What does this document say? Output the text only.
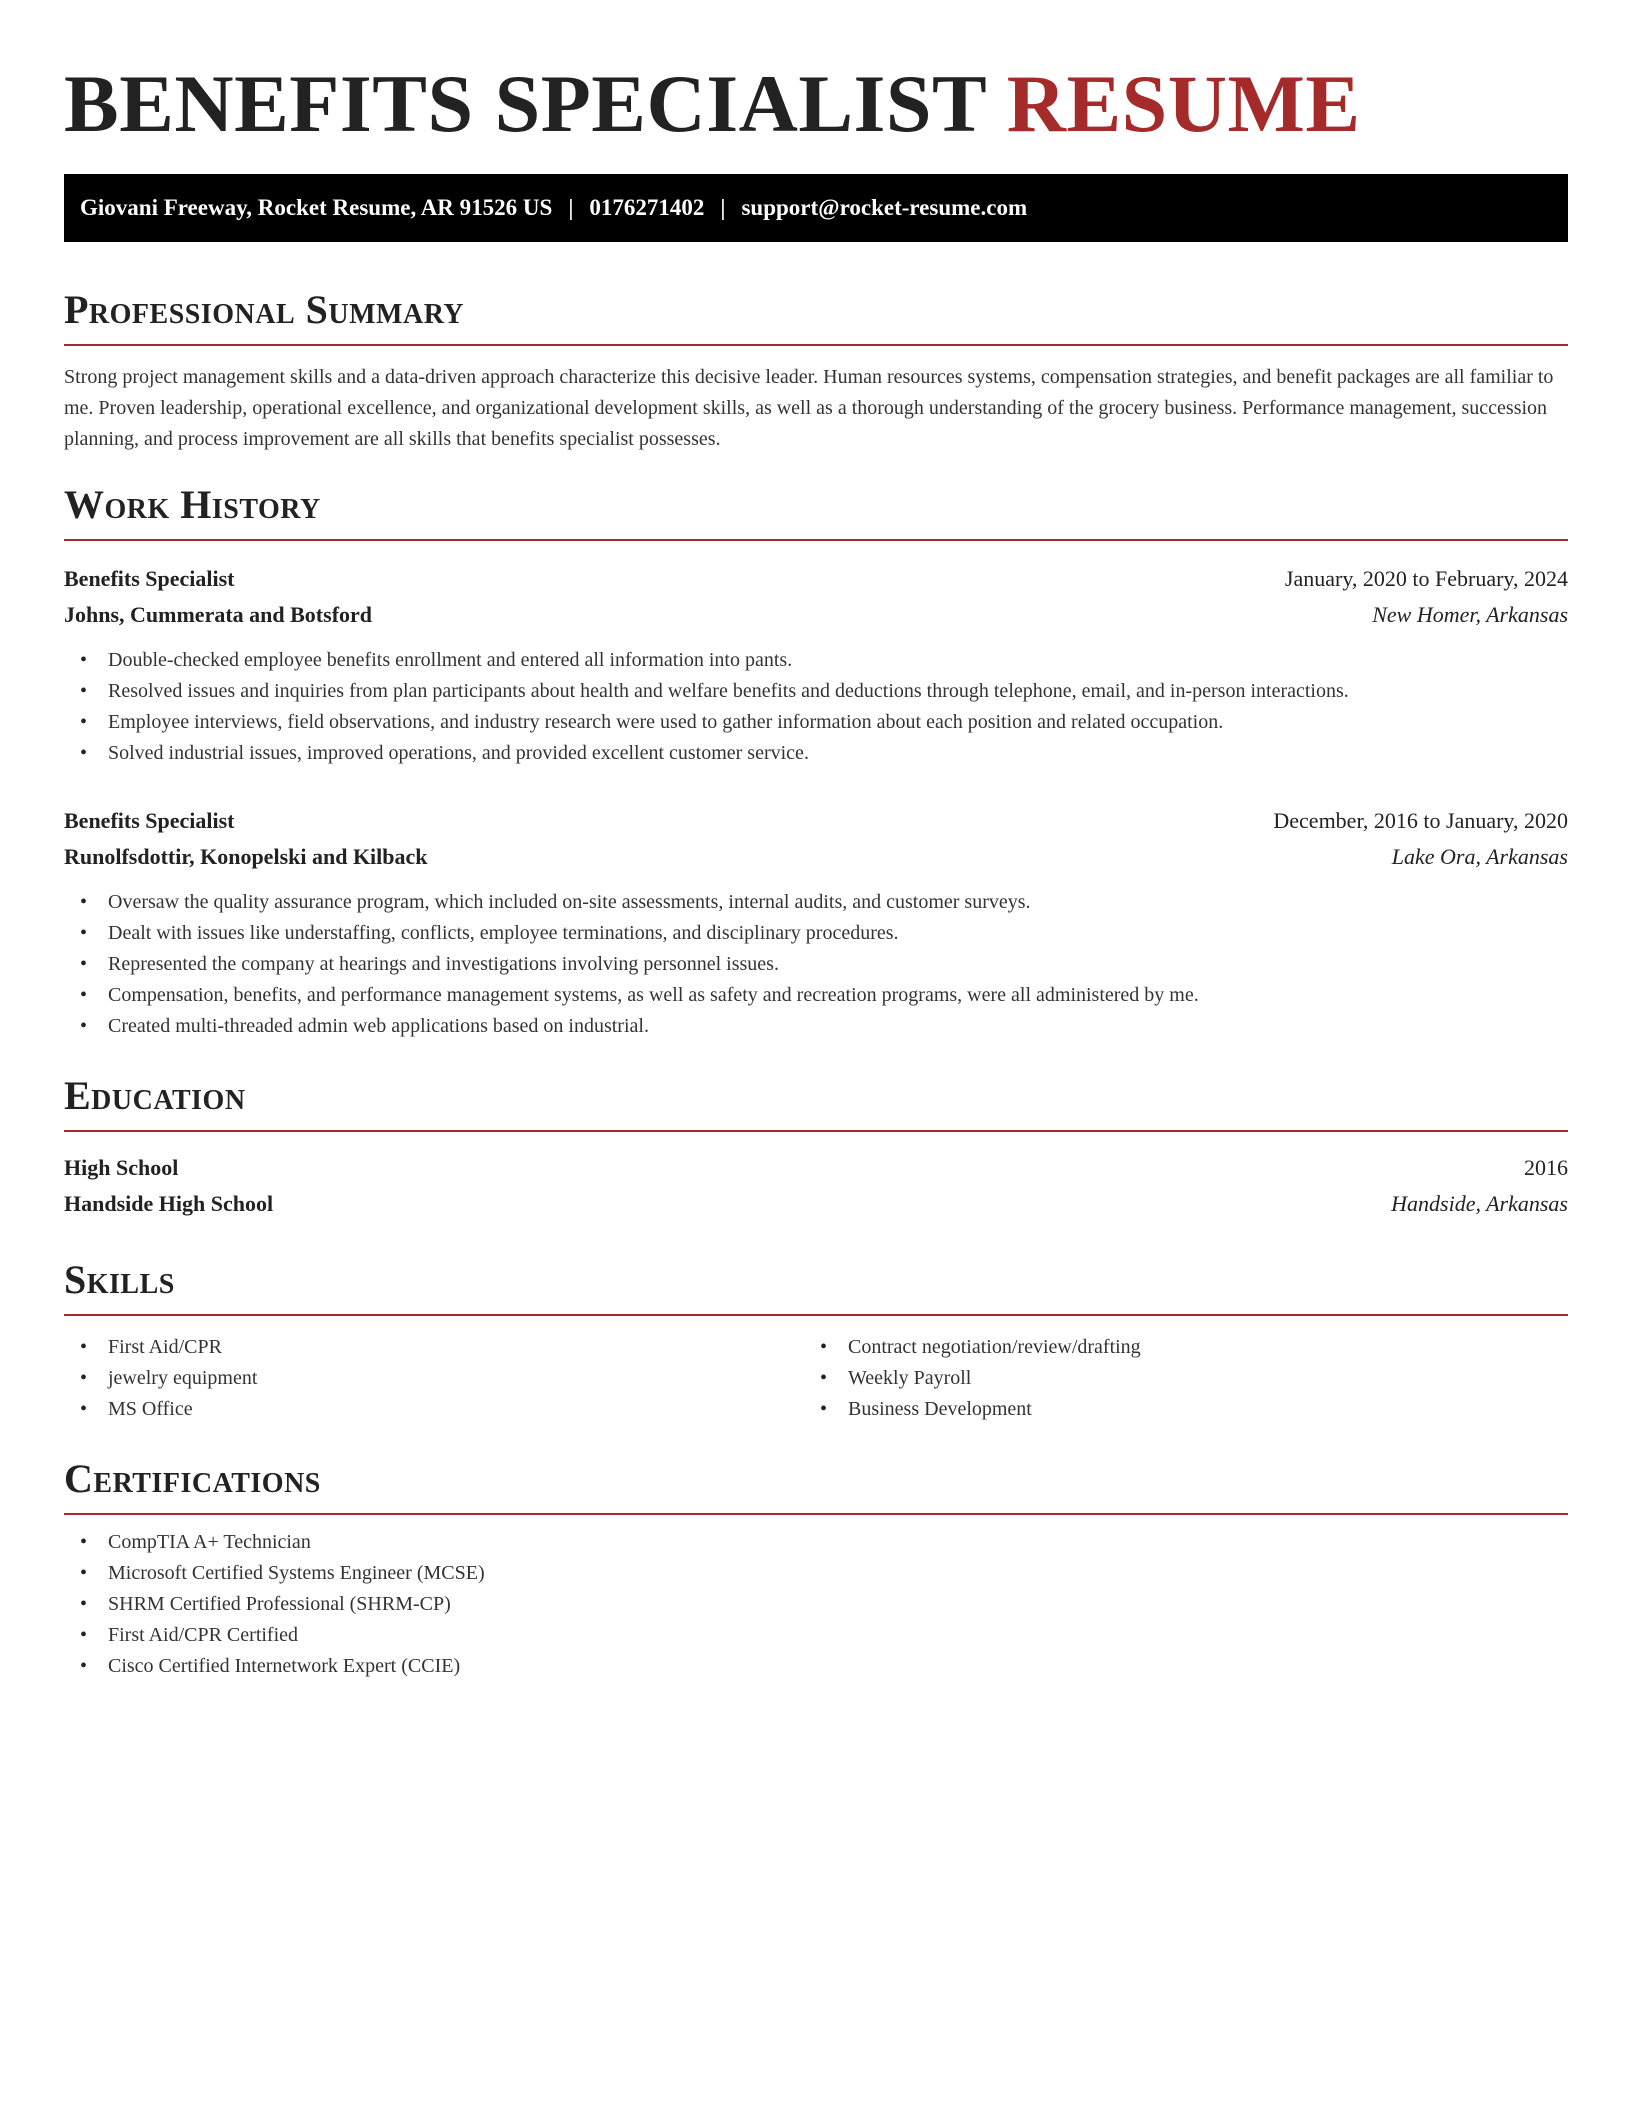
BENEFITS SPECIALIST RESUME
Giovani Freeway, Rocket Resume, AR 91526 US | 0176271402 | support@rocket-resume.com
Professional Summary

Strong project management skills and a data-driven approach characterize this decisive leader. Human resources systems, compensation strategies, and benefit packages are all familiar to me. Proven leadership, operational excellence, and organizational development skills, as well as a thorough understanding of the grocery business. Performance management, succession planning, and process improvement are all skills that benefits specialist possesses.

Work History
Benefits Specialist	January, 2020 to February, 2024
Johns, Cummerata and Botsford	New Homer, Arkansas
• Double-checked employee benefits enrollment and entered all information into pants.
• Resolved issues and inquiries from plan participants about health and welfare benefits and deductions through telephone, email, and in-person interactions.
• Employee interviews, field observations, and industry research were used to gather information about each position and related occupation.
• Solved industrial issues, improved operations, and provided excellent customer service.
Benefits Specialist	December, 2016 to January, 2020
Runolfsdottir, Konopelski and Kilback	Lake Ora, Arkansas
• Oversaw the quality assurance program, which included on-site assessments, internal audits, and customer surveys.
• Dealt with issues like understaffing, conflicts, employee terminations, and disciplinary procedures.
• Represented the company at hearings and investigations involving personnel issues.
• Compensation, benefits, and performance management systems, as well as safety and recreation programs, were all administered by me.
• Created multi-threaded admin web applications based on industrial.
Education
High School	2016
Handside High School	Handside, Arkansas
Skills
• First Aid/CPR
• jewelry equipment
• MS Office
• Contract negotiation/review/drafting
• Weekly Payroll
• Business Development
Certifications
• CompTIA A+ Technician
• Microsoft Certified Systems Engineer (MCSE)
• SHRM Certified Professional (SHRM-CP)
• First Aid/CPR Certified
• Cisco Certified Internetwork Expert (CCIE)
